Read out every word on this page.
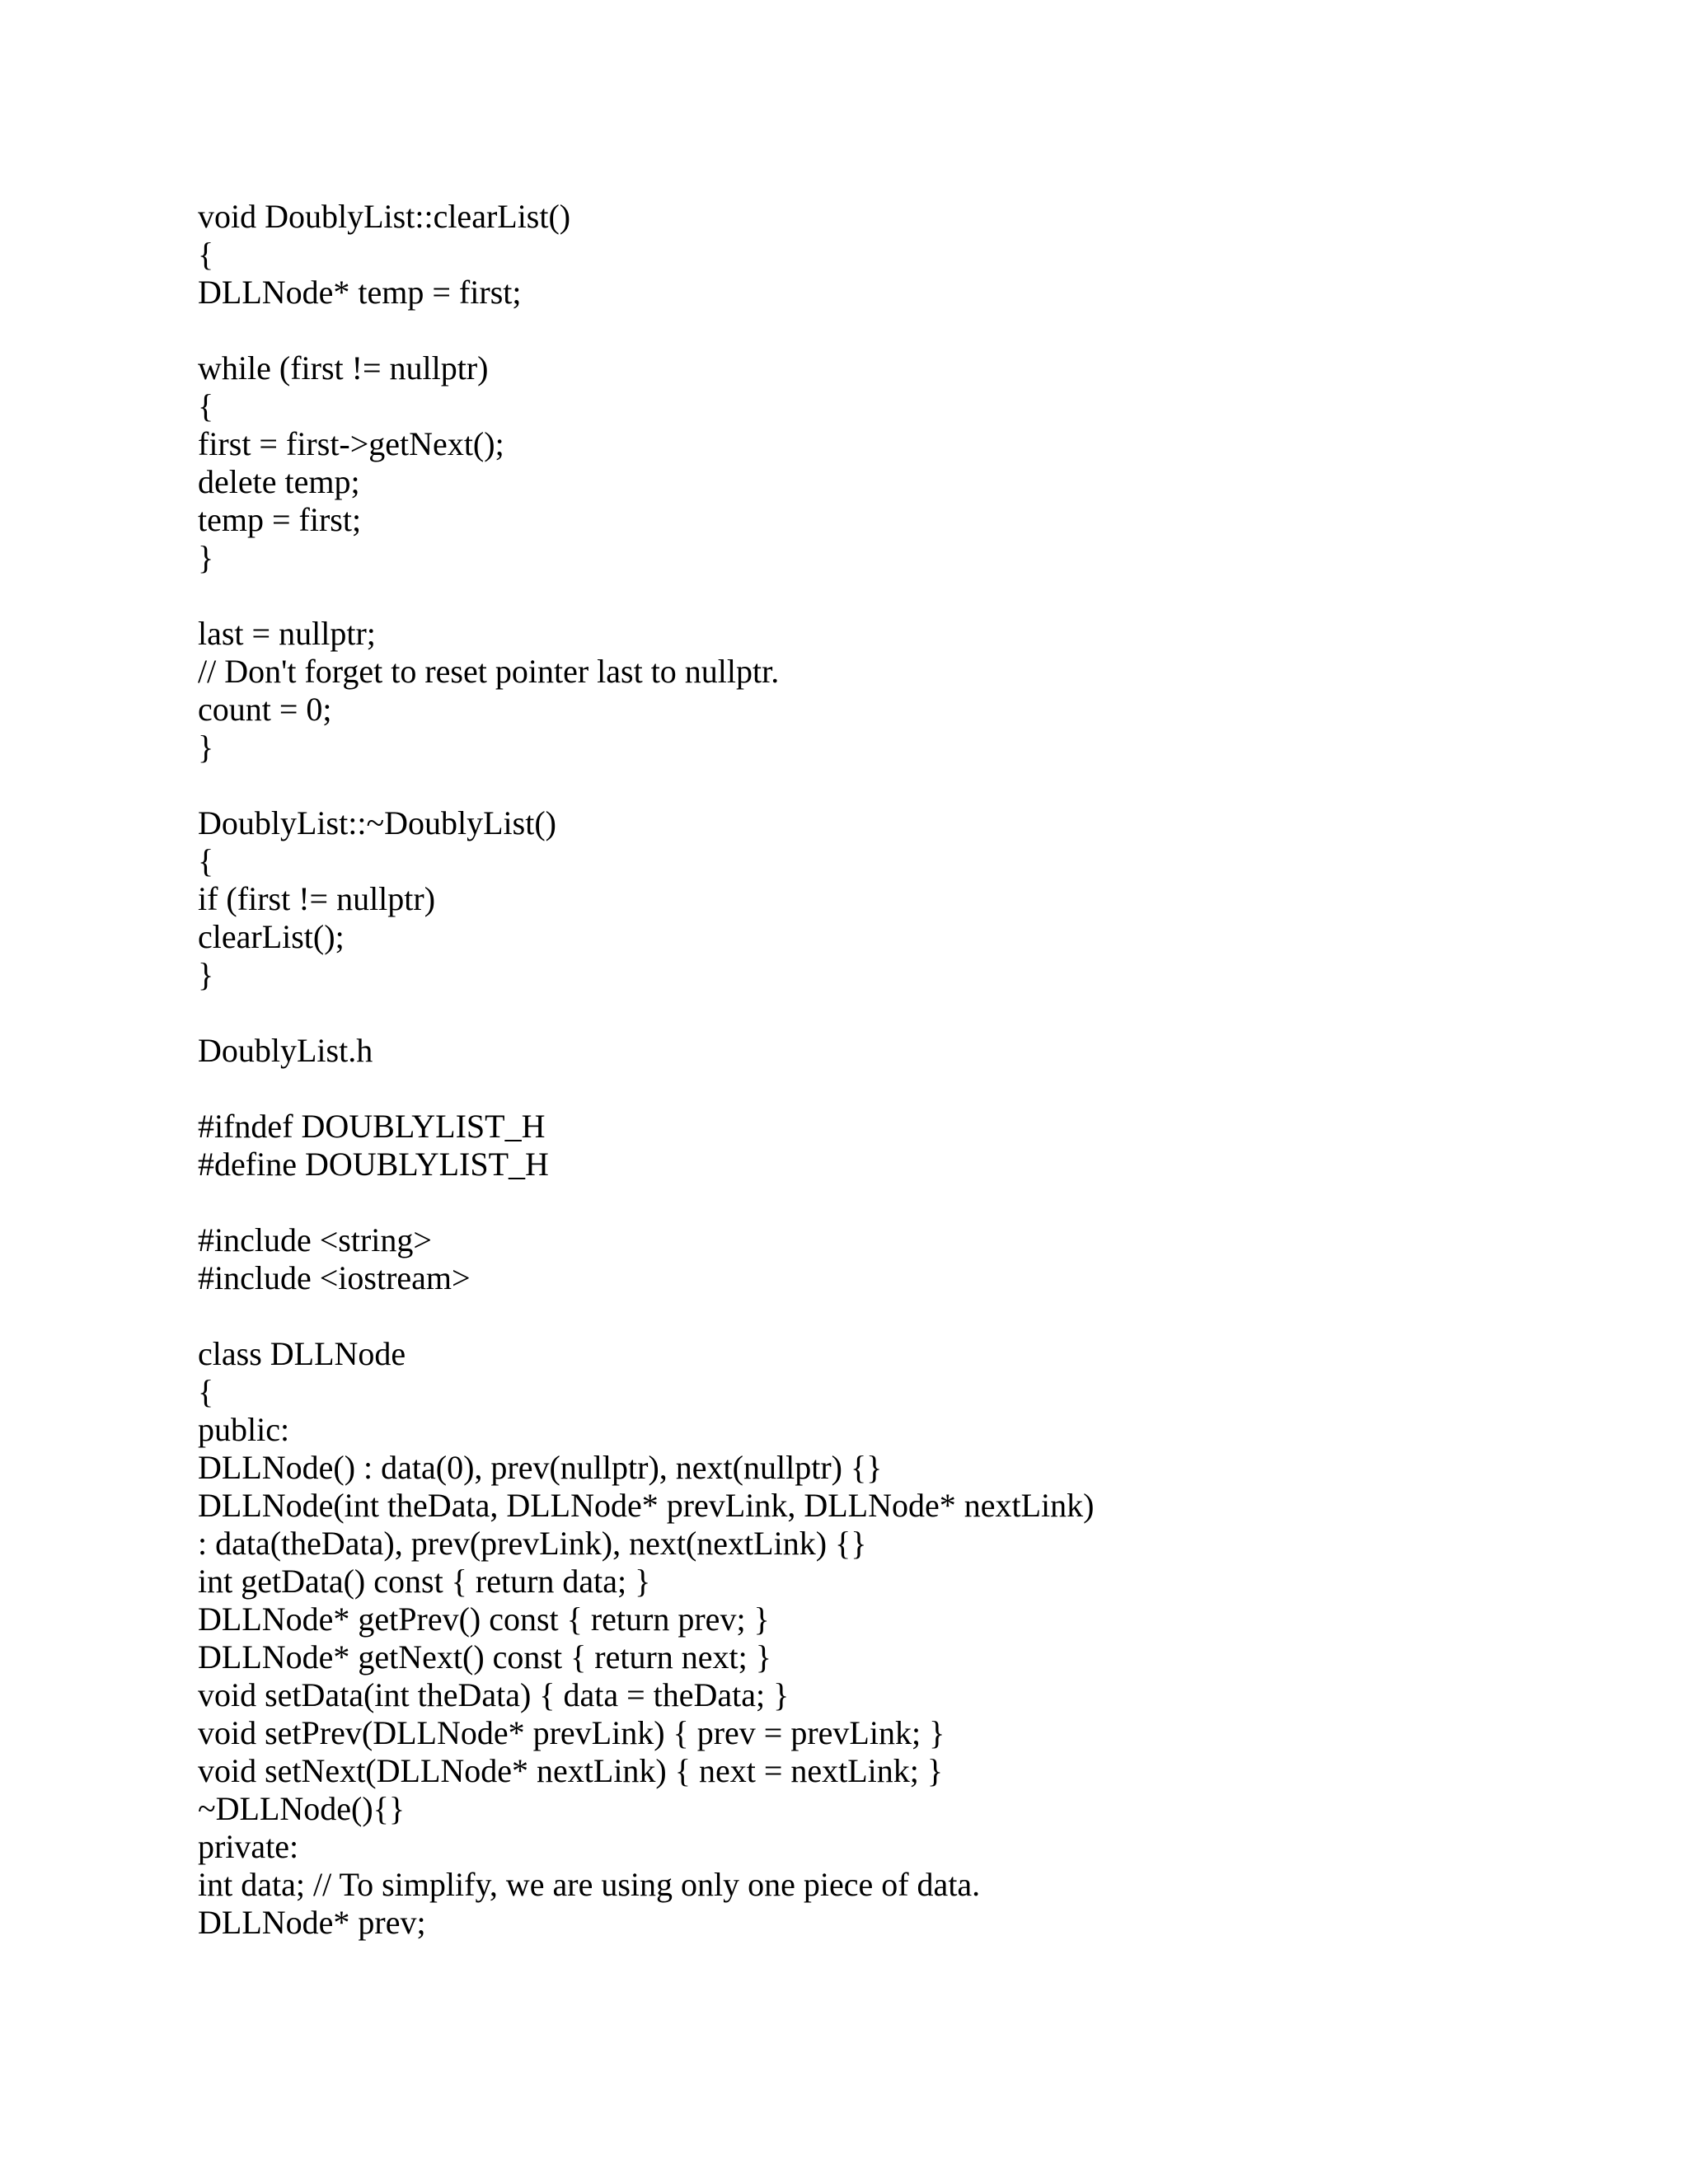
void DoublyList::clearList()
{
DLLNode* temp = first;
while (first != nullptr)
{
first = first->getNext();
delete temp;
temp = first;
}
last = nullptr;
// Don't forget to reset pointer last to nullptr.
count = 0;
}
DoublyList::~DoublyList()
{
if (first != nullptr)
clearList();
}
DoublyList.h
#ifndef DOUBLYLIST_H
#define DOUBLYLIST_H
#include <string>
#include <iostream>
class DLLNode
{
public:
DLLNode() : data(0), prev(nullptr), next(nullptr) {}
DLLNode(int theData, DLLNode* prevLink, DLLNode* nextLink)
: data(theData), prev(prevLink), next(nextLink) {}
int getData() const { return data; }
DLLNode* getPrev() const { return prev; }
DLLNode* getNext() const { return next; }
void setData(int theData) { data = theData; }
void setPrev(DLLNode* prevLink) { prev = prevLink; }
void setNext(DLLNode* nextLink) { next = nextLink; }
~DLLNode(){}
private:
int data; // To simplify, we are using only one piece of data.
DLLNode* prev;
